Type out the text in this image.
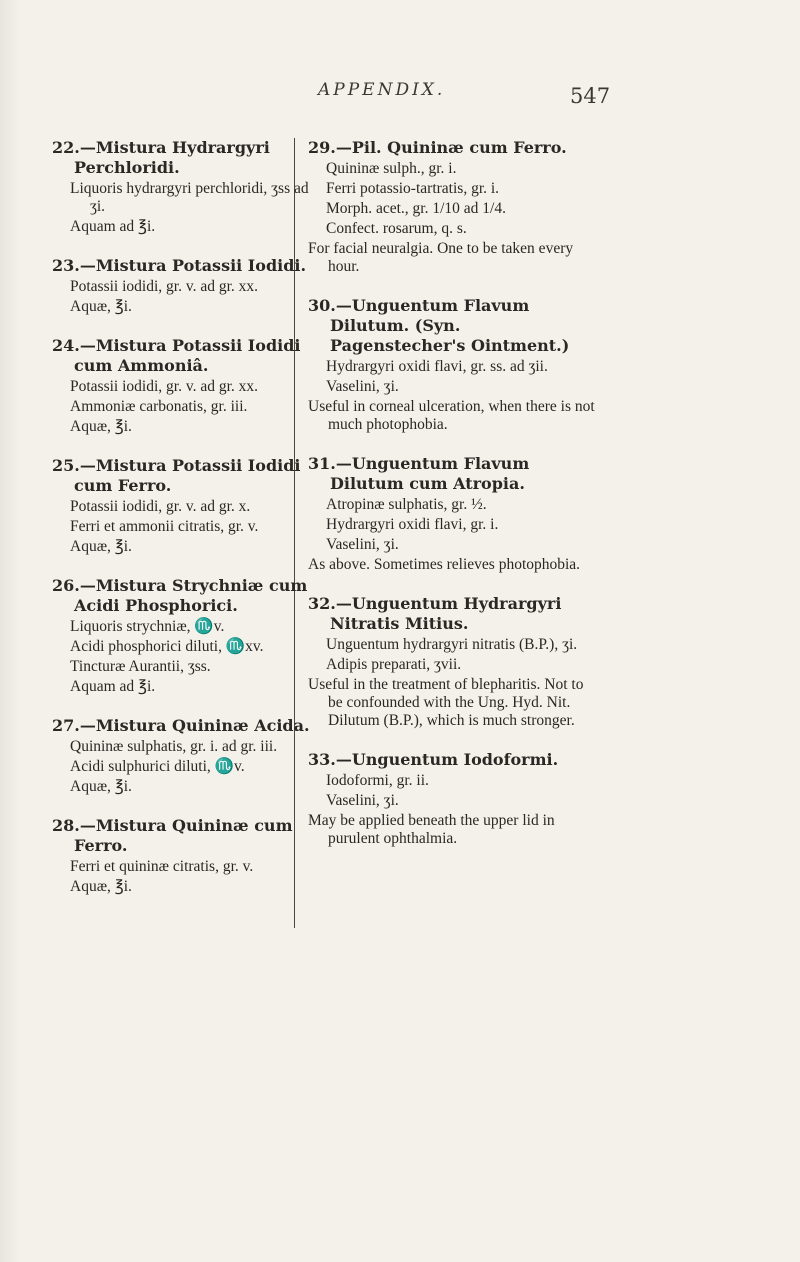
APPENDIX.	547
22.—Mistura Hydrargyri Perchloridi.
Liquoris hydrargyri perchloridi, ʒss ad ʒi.
Aquam ad ℥i.
23.—Mistura Potassii Iodidi.
Potassii iodidi, gr. v. ad gr. xx.
Aquæ, ℥i.
24.—Mistura Potassii Iodidi cum Ammoniâ.
Potassii iodidi, gr. v. ad gr. xx.
Ammoniæ carbonatis, gr. iii.
Aquæ, ℥i.
25.—Mistura Potassii Iodidi cum Ferro.
Potassii iodidi, gr. v. ad gr. x.
Ferri et ammonii citratis, gr. v.
Aquæ, ℥i.
26.—Mistura Strychniæ cum Acidi Phosphorici.
Liquoris strychniæ, ♏v.
Acidi phosphorici diluti, ♏xv.
Tincturæ Aurantii, ʒss.
Aquam ad ℥i.
27.—Mistura Quininæ Acida.
Quininæ sulphatis, gr. i. ad gr. iii.
Acidi sulphurici diluti, ♏v.
Aquæ, ℥i.
28.—Mistura Quininæ cum Ferro.
Ferri et quininæ citratis, gr. v.
Aquæ, ℥i.
29.—Pil. Quininæ cum Ferro.
Quininæ sulph., gr. i.
Ferri potassio-tartratis, gr. i.
Morph. acet., gr. 1/10 ad 1/4.
Confect. rosarum, q. s.
For facial neuralgia. One to be taken every hour.
30.—Unguentum Flavum Dilutum. (Syn. Pagenstecher's Ointment.)
Hydrargyri oxidi flavi, gr. ss. ad ʒii.
Vaselini, ʒi.
Useful in corneal ulceration, when there is not much photophobia.
31.—Unguentum Flavum Dilutum cum Atropia.
Atropinæ sulphatis, gr. ½.
Hydrargyri oxidi flavi, gr. i.
Vaselini, ʒi.
As above. Sometimes relieves photophobia.
32.—Unguentum Hydrargyri Nitratis Mitius.
Unguentum hydrargyri nitratis (B.P.), ʒi.
Adipis preparati, ʒvii.
Useful in the treatment of blepharitis. Not to be confounded with the Ung. Hyd. Nit. Dilutum (B.P.), which is much stronger.
33.—Unguentum Iodoformi.
Iodoformi, gr. ii.
Vaselini, ʒi.
May be applied beneath the upper lid in purulent ophthalmia.
